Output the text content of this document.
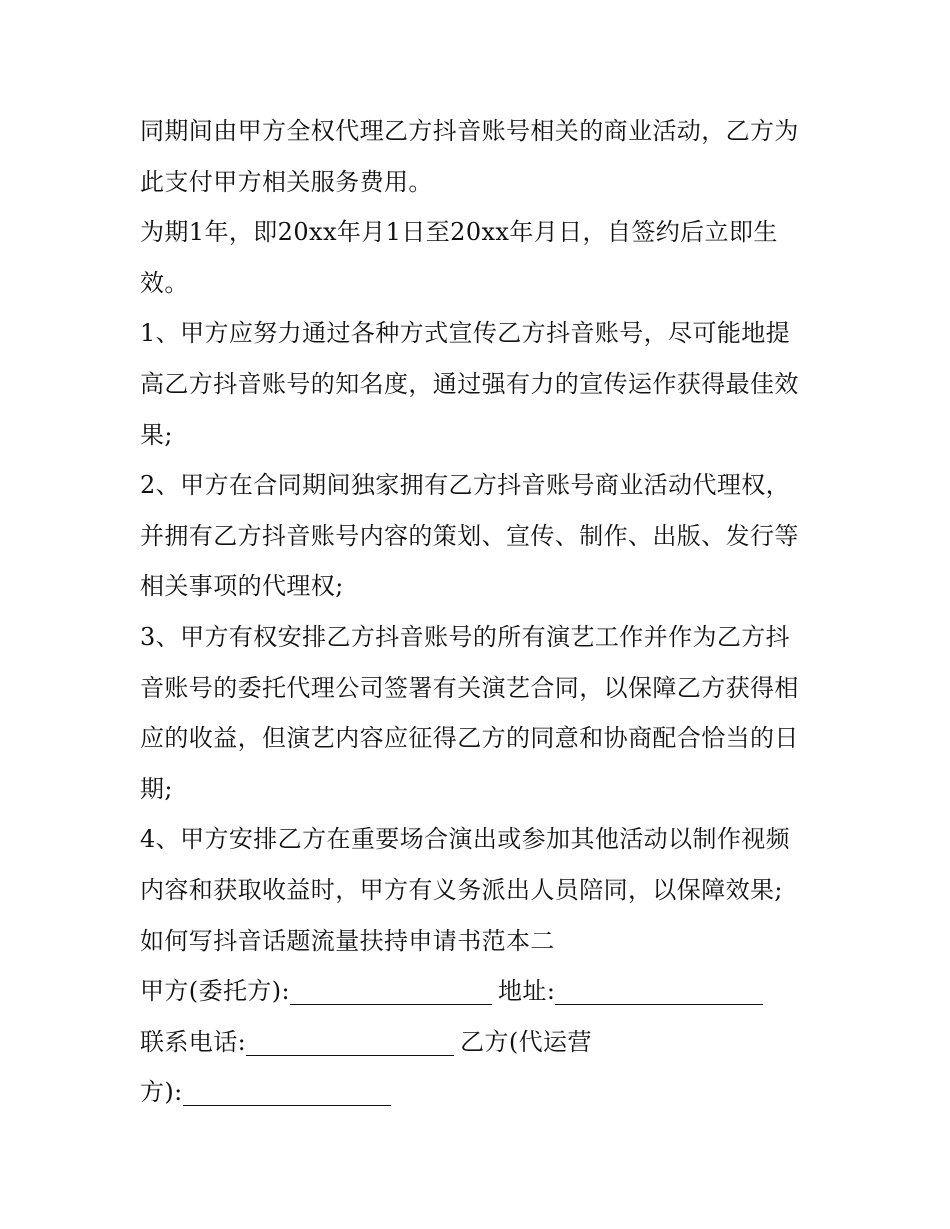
同期间由甲方全权代理乙方抖音账号相关的商业活动，乙方为
此支付甲方相关服务费用。
为期1年，即20xx年月1日至20xx年月日，自签约后立即生
效。
1、甲方应努力通过各种方式宣传乙方抖音账号，尽可能地提
高乙方抖音账号的知名度，通过强有力的宣传运作获得最佳效
果;
2、甲方在合同期间独家拥有乙方抖音账号商业活动代理权，
并拥有乙方抖音账号内容的策划、宣传、制作、出版、发行等
相关事项的代理权;
3、甲方有权安排乙方抖音账号的所有演艺工作并作为乙方抖
音账号的委托代理公司签署有关演艺合同，以保障乙方获得相
应的收益，但演艺内容应征得乙方的同意和协商配合恰当的日
期;
4、甲方安排乙方在重要场合演出或参加其他活动以制作视频
内容和获取收益时，甲方有义务派出人员陪同，以保障效果;
如何写抖音话题流量扶持申请书范本二
甲方(委托方):	地址:
联系电话:	乙方(代运营
方):
